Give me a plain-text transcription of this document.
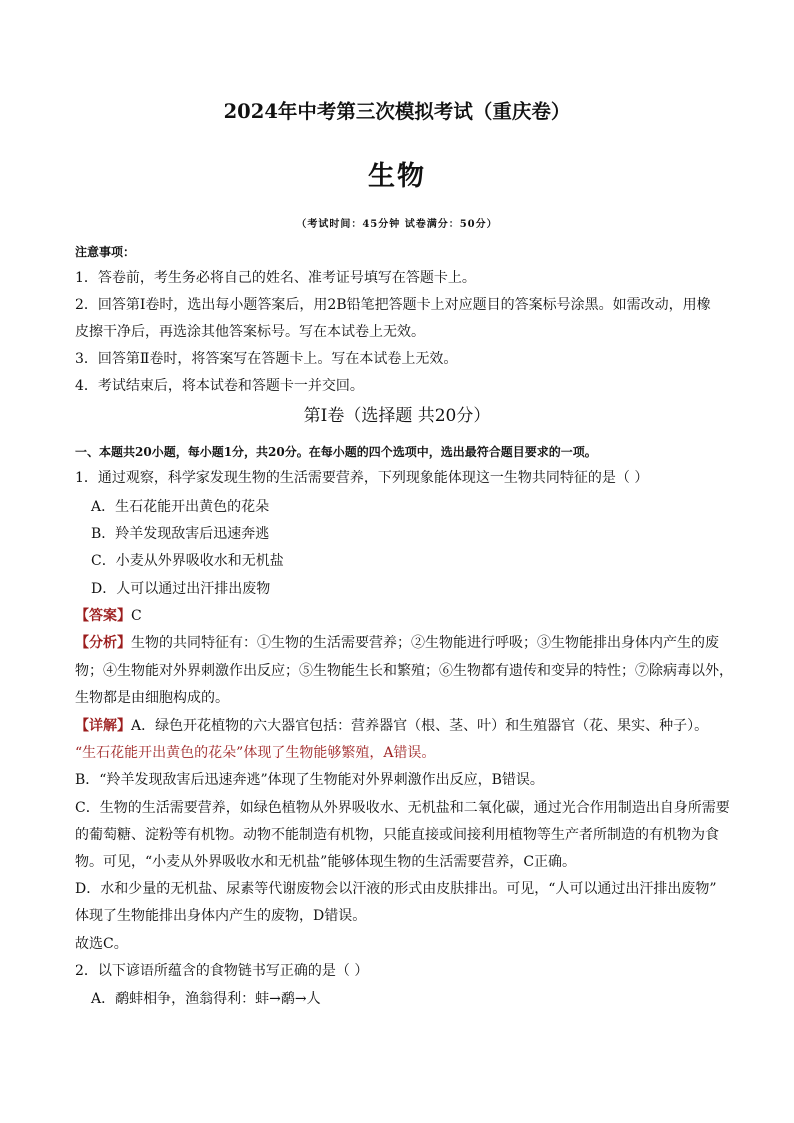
2024年中考第三次模拟考试（重庆卷）
生物
（考试时间：45分钟 试卷满分：50分）
注意事项：
1．答卷前，考生务必将自己的姓名、准考证号填写在答题卡上。
2．回答第Ⅰ卷时，选出每小题答案后，用2B铅笔把答题卡上对应题目的答案标号涂黑。如需改动，用橡
皮擦干净后，再选涂其他答案标号。写在本试卷上无效。
3．回答第Ⅱ卷时，将答案写在答题卡上。写在本试卷上无效。
4．考试结束后，将本试卷和答题卡一并交回。
第Ⅰ卷（选择题 共20分）
一、本题共20小题，每小题1分，共20分。在每小题的四个选项中，选出最符合题目要求的一项。
1．通过观察，科学家发现生物的生活需要营养，下列现象能体现这一生物共同特征的是（ ）
A．生石花能开出黄色的花朵
B．羚羊发现敌害后迅速奔逃
C．小麦从外界吸收水和无机盐
D．人可以通过出汗排出废物
【答案】C
【分析】生物的共同特征有：①生物的生活需要营养；②生物能进行呼吸；③生物能排出身体内产生的废
物；④生物能对外界刺激作出反应；⑤生物能生长和繁殖；⑥生物都有遗传和变异的特性；⑦除病毒以外，
生物都是由细胞构成的。
【详解】A．绿色开花植物的六大器官包括：营养器官（根、茎、叶）和生殖器官（花、果实、种子）。
“生石花能开出黄色的花朵”体现了生物能够繁殖，A错误。
B．“羚羊发现敌害后迅速奔逃”体现了生物能对外界刺激作出反应，B错误。
C．生物的生活需要营养，如绿色植物从外界吸收水、无机盐和二氧化碳，通过光合作用制造出自身所需要
的葡萄糖、淀粉等有机物。动物不能制造有机物，只能直接或间接利用植物等生产者所制造的有机物为食
物。可见，“小麦从外界吸收水和无机盐”能够体现生物的生活需要营养，C正确。
D．水和少量的无机盐、尿素等代谢废物会以汗液的形式由皮肤排出。可见，“人可以通过出汗排出废物”
体现了生物能排出身体内产生的废物，D错误。
故选C。
2．以下谚语所蕴含的食物链书写正确的是（ ）
A．鹬蚌相争，渔翁得利：蚌→鹬→人
